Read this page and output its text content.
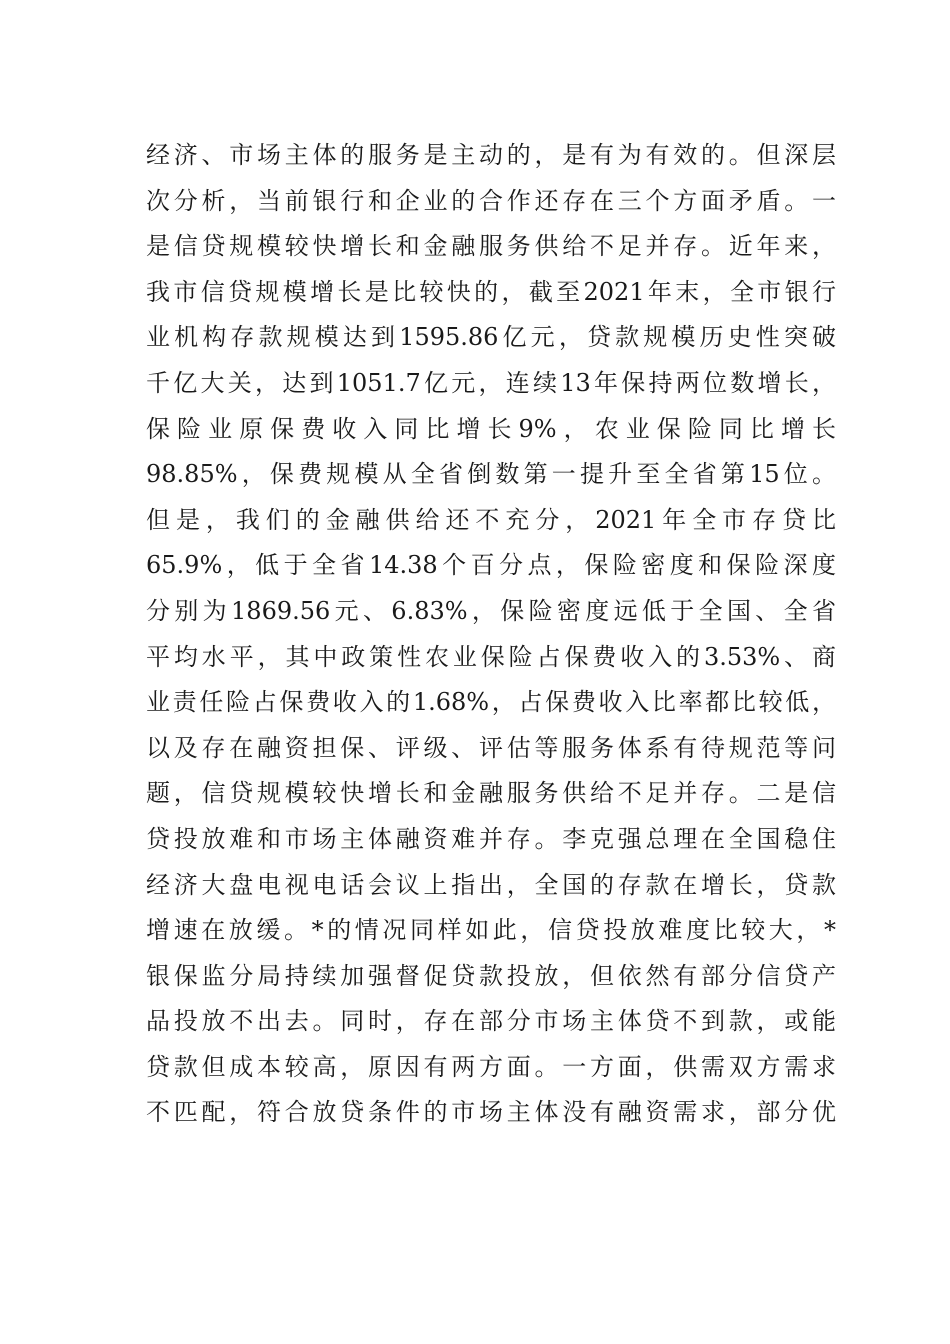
经济、市场主体的服务是主动的，是有为有效的。但深层
次分析，当前银行和企业的合作还存在三个方面矛盾。一
是信贷规模较快增长和金融服务供给不足并存。近年来，
我市信贷规模增长是比较快的，截至2021年末，全市银行
业机构存款规模达到1595.86亿元，贷款规模历史性突破
千亿大关，达到1051.7亿元，连续13年保持两位数增长，
保险业原保费收入同比增长9%，农业保险同比增长
98.85%，保费规模从全省倒数第一提升至全省第15位。
但是，我们的金融供给还不充分，2021年全市存贷比
65.9%，低于全省14.38个百分点，保险密度和保险深度
分别为1869.56元、6.83%，保险密度远低于全国、全省
平均水平，其中政策性农业保险占保费收入的3.53%、商
业责任险占保费收入的1.68%，占保费收入比率都比较低，
以及存在融资担保、评级、评估等服务体系有待规范等问
题，信贷规模较快增长和金融服务供给不足并存。二是信
贷投放难和市场主体融资难并存。李克强总理在全国稳住
经济大盘电视电话会议上指出，全国的存款在增长，贷款
增速在放缓。*的情况同样如此，信贷投放难度比较大，*
银保监分局持续加强督促贷款投放，但依然有部分信贷产
品投放不出去。同时，存在部分市场主体贷不到款，或能
贷款但成本较高，原因有两方面。一方面，供需双方需求
不匹配，符合放贷条件的市场主体没有融资需求，部分优
